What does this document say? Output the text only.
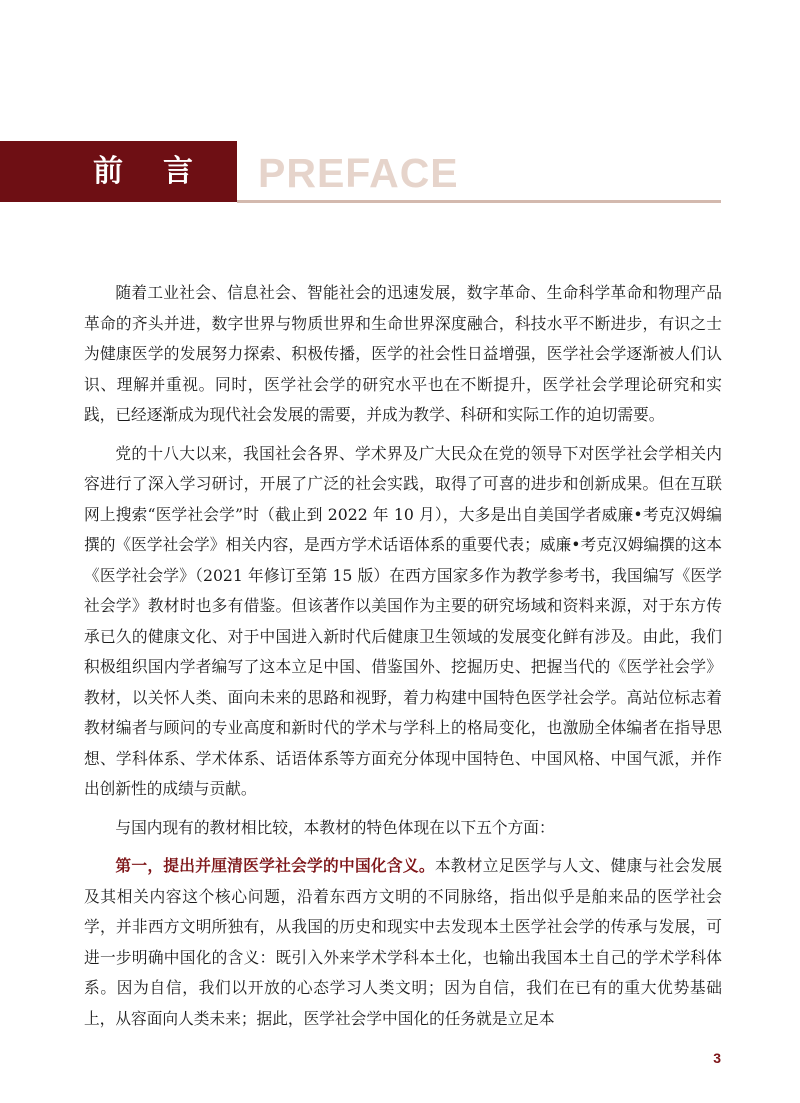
前言 PREFACE

随着工业社会、信息社会、智能社会的迅速发展，数字革命、生命科学革命和物理产品革命的齐头并进，数字世界与物质世界和生命世界深度融合，科技水平不断进步，有识之士为健康医学的发展努力探索、积极传播，医学的社会性日益增强，医学社会学逐渐被人们认识、理解并重视。同时，医学社会学的研究水平也在不断提升，医学社会学理论研究和实践，已经逐渐成为现代社会发展的需要，并成为教学、科研和实际工作的迫切需要。

党的十八大以来，我国社会各界、学术界及广大民众在党的领导下对医学社会学相关内容进行了深入学习研讨，开展了广泛的社会实践，取得了可喜的进步和创新成果。但在互联网上搜索“医学社会学”时（截止到 2022 年 10 月），大多是出自美国学者威廉•考克汉姆编撰的《医学社会学》相关内容，是西方学术话语体系的重要代表；威廉•考克汉姆编撰的这本《医学社会学》（2021 年修订至第 15 版）在西方国家多作为教学参考书，我国编写《医学社会学》教材时也多有借鉴。但该著作以美国作为主要的研究场域和资料来源，对于东方传承已久的健康文化、对于中国进入新时代后健康卫生领域的发展变化鲜有涉及。由此，我们积极组织国内学者编写了这本立足中国、借鉴国外、挖掘历史、把握当代的《医学社会学》教材，以关怀人类、面向未来的思路和视野，着力构建中国特色医学社会学。高站位标志着教材编者与顾问的专业高度和新时代的学术与学科上的格局变化，也激励全体编者在指导思想、学科体系、学术体系、话语体系等方面充分体现中国特色、中国风格、中国气派，并作出创新性的成绩与贡献。

与国内现有的教材相比较，本教材的特色体现在以下五个方面：

第一，提出并厘清医学社会学的中国化含义。本教材立足医学与人文、健康与社会发展及其相关内容这个核心问题，沿着东西方文明的不同脉络，指出似乎是舶来品的医学社会学，并非西方文明所独有，从我国的历史和现实中去发现本土医学社会学的传承与发展，可进一步明确中国化的含义：既引入外来学术学科本土化，也输出我国本土自己的学术学科体系。因为自信，我们以开放的心态学习人类文明；因为自信，我们在已有的重大优势基础上，从容面向人类未来；据此，医学社会学中国化的任务就是立足本

3
